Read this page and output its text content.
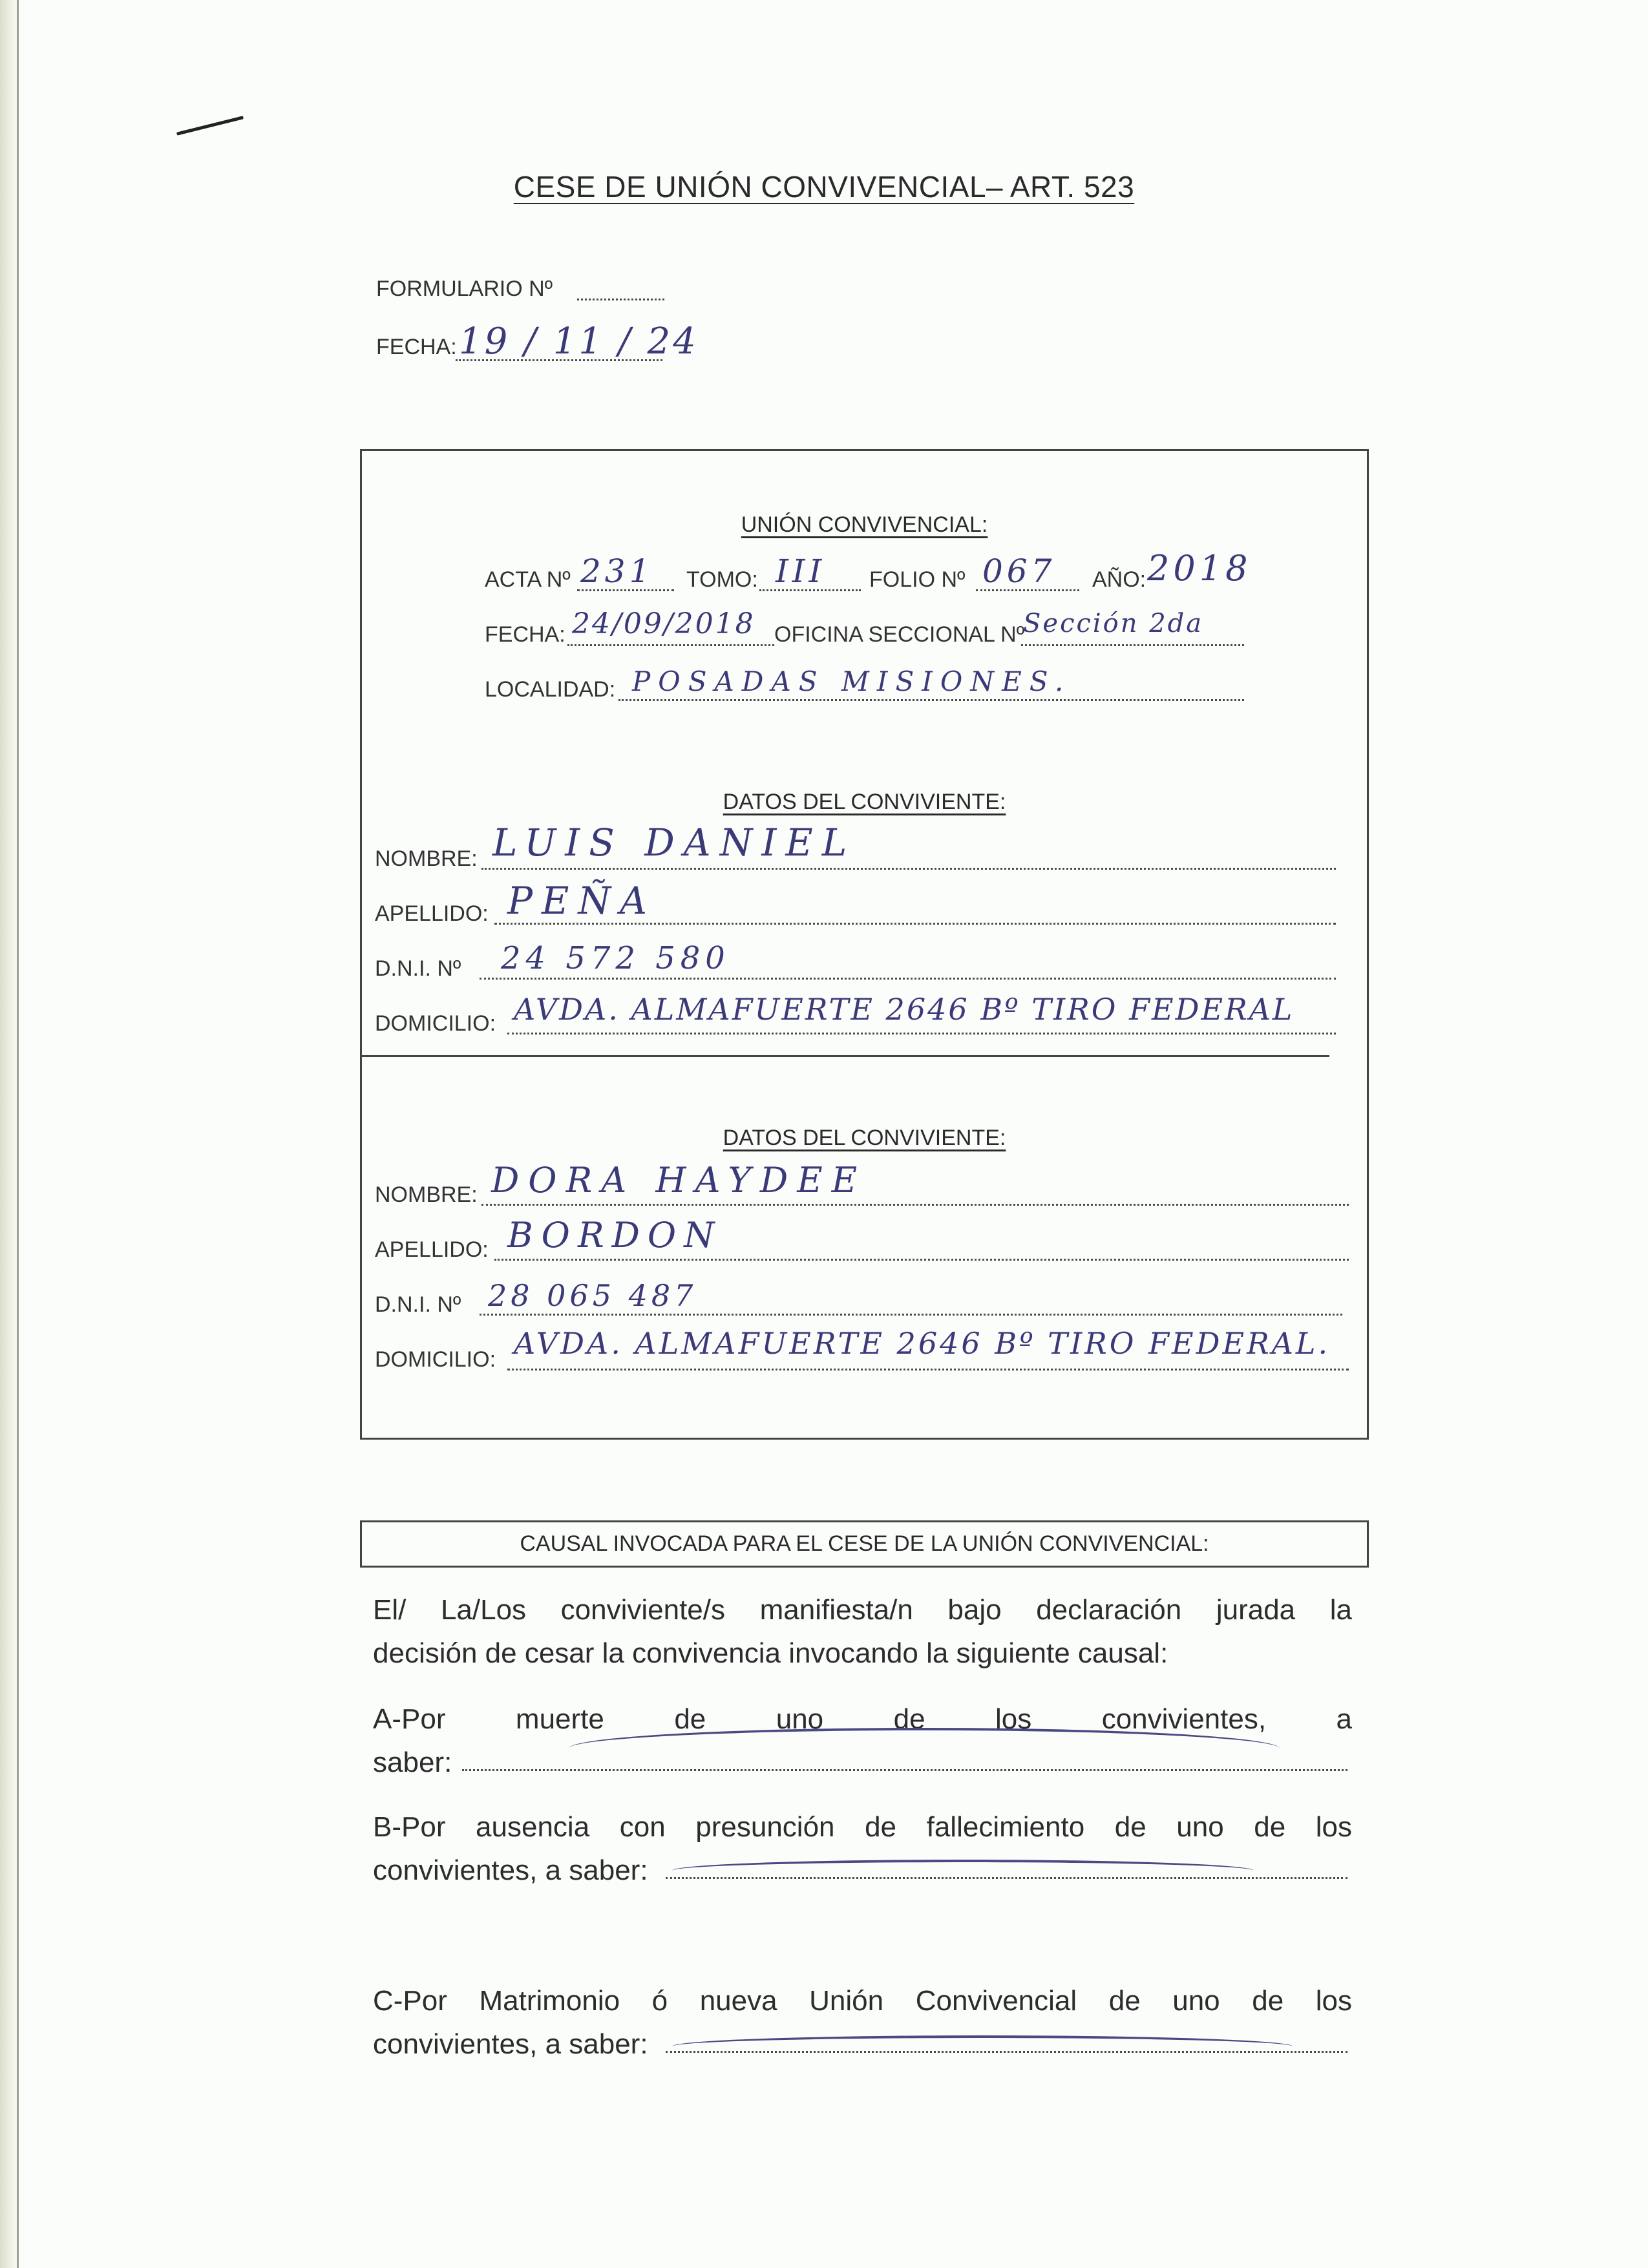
CESE DE UNIÓN CONVIVENCIAL– ART. 523
FORMULARIO Nº
FECHA: 19 / 11 / 24
UNIÓN CONVIVENCIAL:
ACTA Nº 231 TOMO: III FOLIO Nº 067 AÑO: 2018
FECHA: 24/09/2018 OFICINA SECCIONAL Nº
Sección 2da
LOCALIDAD: POSADAS MISIONES.
DATOS DEL CONVIVIENTE:
NOMBRE: LUIS DANIEL
APELLIDO: PEÑA
D.N.I. Nº 24 572 580
DOMICILIO: AVDA. ALMAFUERTE 2646 Bº TIRO FEDERAL
DATOS DEL CONVIVIENTE:
NOMBRE: DORA HAYDEE
APELLIDO: BORDON
D.N.I. Nº 28 065 487
DOMICILIO: AVDA. ALMAFUERTE 2646 Bº TIRO FEDERAL.
CAUSAL INVOCADA PARA EL CESE DE LA UNIÓN CONVIVENCIAL:
El/ La/Los conviviente/s manifiesta/n bajo declaración jurada la
decisión de cesar la convivencia invocando la siguiente causal:
A-Por muerte de uno de los convivientes, a
saber:
B-Por ausencia con presunción de fallecimiento de uno de los
convivientes, a saber:
C-Por Matrimonio ó nueva Unión Convivencial de uno de los
convivientes, a saber:
